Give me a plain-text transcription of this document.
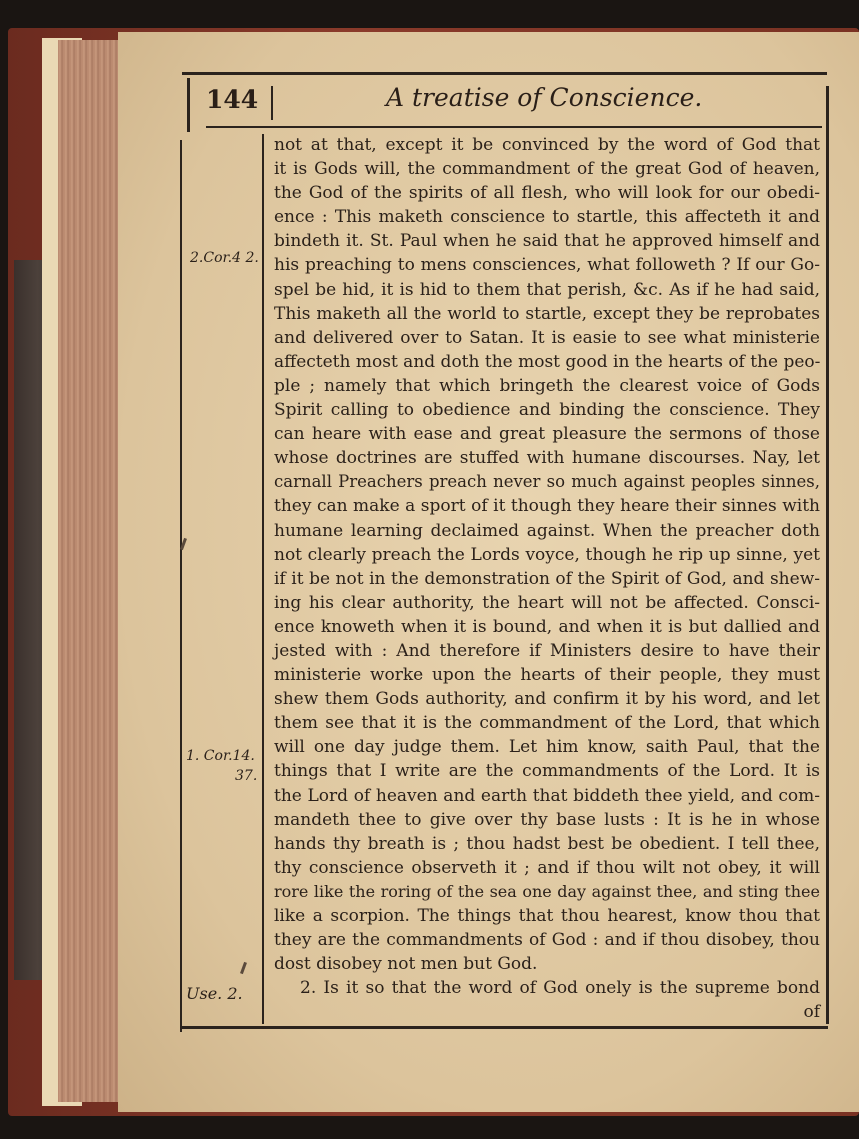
144	A treatise of Conscience.
2.Cor.4 2.
1. Cor.14.
37.
Use. 2.
not at that, except it be convinced by the word of God that
it is Gods will, the commandment of the great God of heaven,
the God of the spirits of all flesh, who will look for our obedi-
ence : This maketh conscience to startle, this affecteth it and
bindeth it. St. Paul when he said that he approved himself and
his preaching to mens consciences, what followeth ? If our Go-
spel be hid, it is hid to them that perish, &c. As if he had said,
This maketh all the world to startle, except they be reprobates
and delivered over to Satan. It is easie to see what ministerie
affecteth most and doth the most good in the hearts of the peo-
ple ; namely that which bringeth the clearest voice of Gods
Spirit calling to obedience and binding the conscience. They
can heare with ease and great pleasure the sermons of those
whose doctrines are stuffed with humane discourses. Nay, let
carnall Preachers preach never so much against peoples sinnes,
they can make a sport of it though they heare their sinnes with
humane learning declaimed against. When the preacher doth
not clearly preach the Lords voyce, though he rip up sinne, yet
if it be not in the demonstration of the Spirit of God, and shew-
ing his clear authority, the heart will not be affected. Consci-
ence knoweth when it is bound, and when it is but dallied and
jested with : And therefore if Ministers desire to have their
ministerie worke upon the hearts of their people, they must
shew them Gods authority, and confirm it by his word, and let
them see that it is the commandment of the Lord, that which
will one day judge them. Let him know, saith Paul, that the
things that I write are the commandments of the Lord. It is
the Lord of heaven and earth that biddeth thee yield, and com-
mandeth thee to give over thy base lusts : It is he in whose
hands thy breath is ; thou hadst best be obedient. I tell thee,
thy conscience observeth it ; and if thou wilt not obey, it will
rore like the roring of the sea one day against thee, and sting thee
like a scorpion. The things that thou hearest, know thou that
they are the commandments of God : and if thou disobey, thou
dost disobey not men but God.
2. Is it so that the word of God onely is the supreme bond
of
